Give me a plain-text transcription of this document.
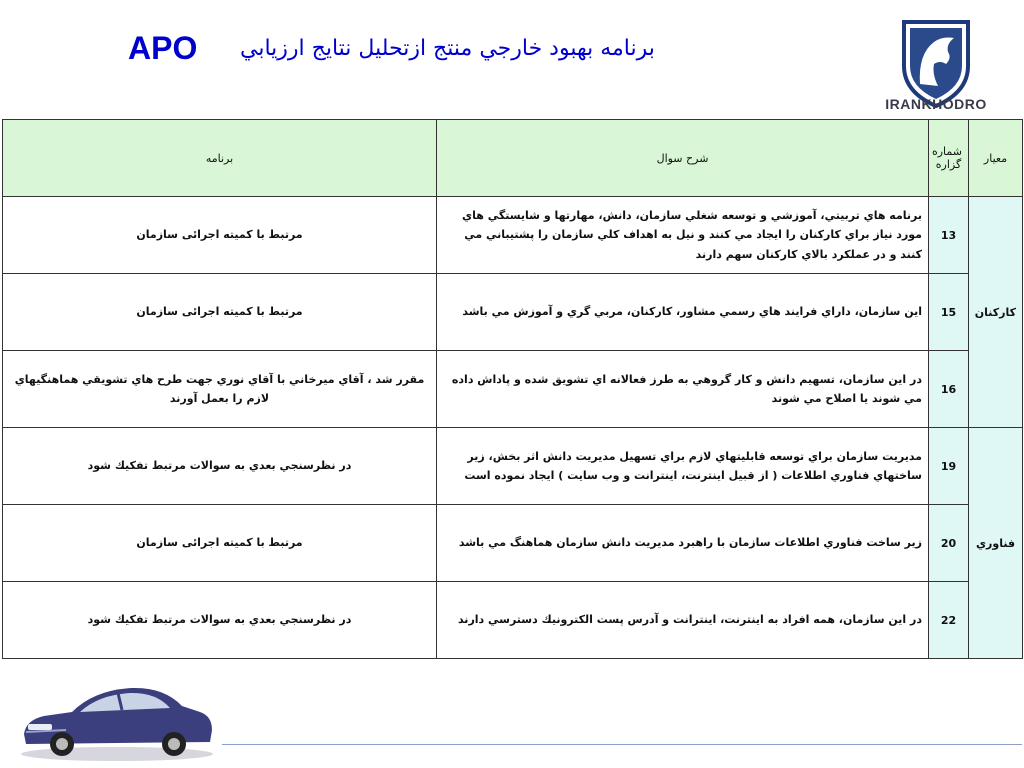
APO برنامه بهبود خارجي منتج ازتحليل نتايج ارزيابي
IRANKHODRO
معيار	شماره گزاره	شرح سوال	برنامه
كاركنان	13	برنامه هاي تربيتي، آموزشي و توسعه شغلي سازمان، دانش، مهارتها و شايستگي هاي مورد نياز براي كاركنان را ايجاد مي كنند و نيل به اهداف كلي سازمان را پشتيباني مي كنند و در عملكرد بالاي كاركنان سهم دارند	مرتبط با کمیته اجرائی سازمان
	15	اين سازمان، داراي فرايند هاي رسمي مشاور، كاركنان، مربي گري و آموزش مي باشد	مرتبط با کمیته اجرائی سازمان
	16	در اين سازمان، تسهيم دانش و كار گروهي به طرز فعالانه اي تشويق شده و پاداش داده مي شوند يا اصلاح مي شوند	مقرر شد ، آقاي ميرخاني با آقاي نوري جهت طرح هاي تشويقي هماهنگيهاي لازم را بعمل آورند
فناوري	19	مديريت سازمان براي توسعه قابليتهاي لازم براي تسهيل مديريت دانش اثر بخش، زير ساختهاي فناوري اطلاعات ( از قبيل اينترنت، اينترانت و وب سايت ) ايجاد نموده است	در نظرسنجي بعدي به سوالات مرتبط تفكيك شود
	20	زير ساخت فناوري اطلاعات سازمان با راهبرد مديريت دانش سازمان هماهنگ مي باشد	مرتبط با کمیته اجرائی سازمان
	22	در اين سازمان، همه افراد به اينترنت، اينترانت و آدرس پست الكترونيك دسترسي دارند	در نظرسنجي بعدي به سوالات مرتبط تفكيك شود
